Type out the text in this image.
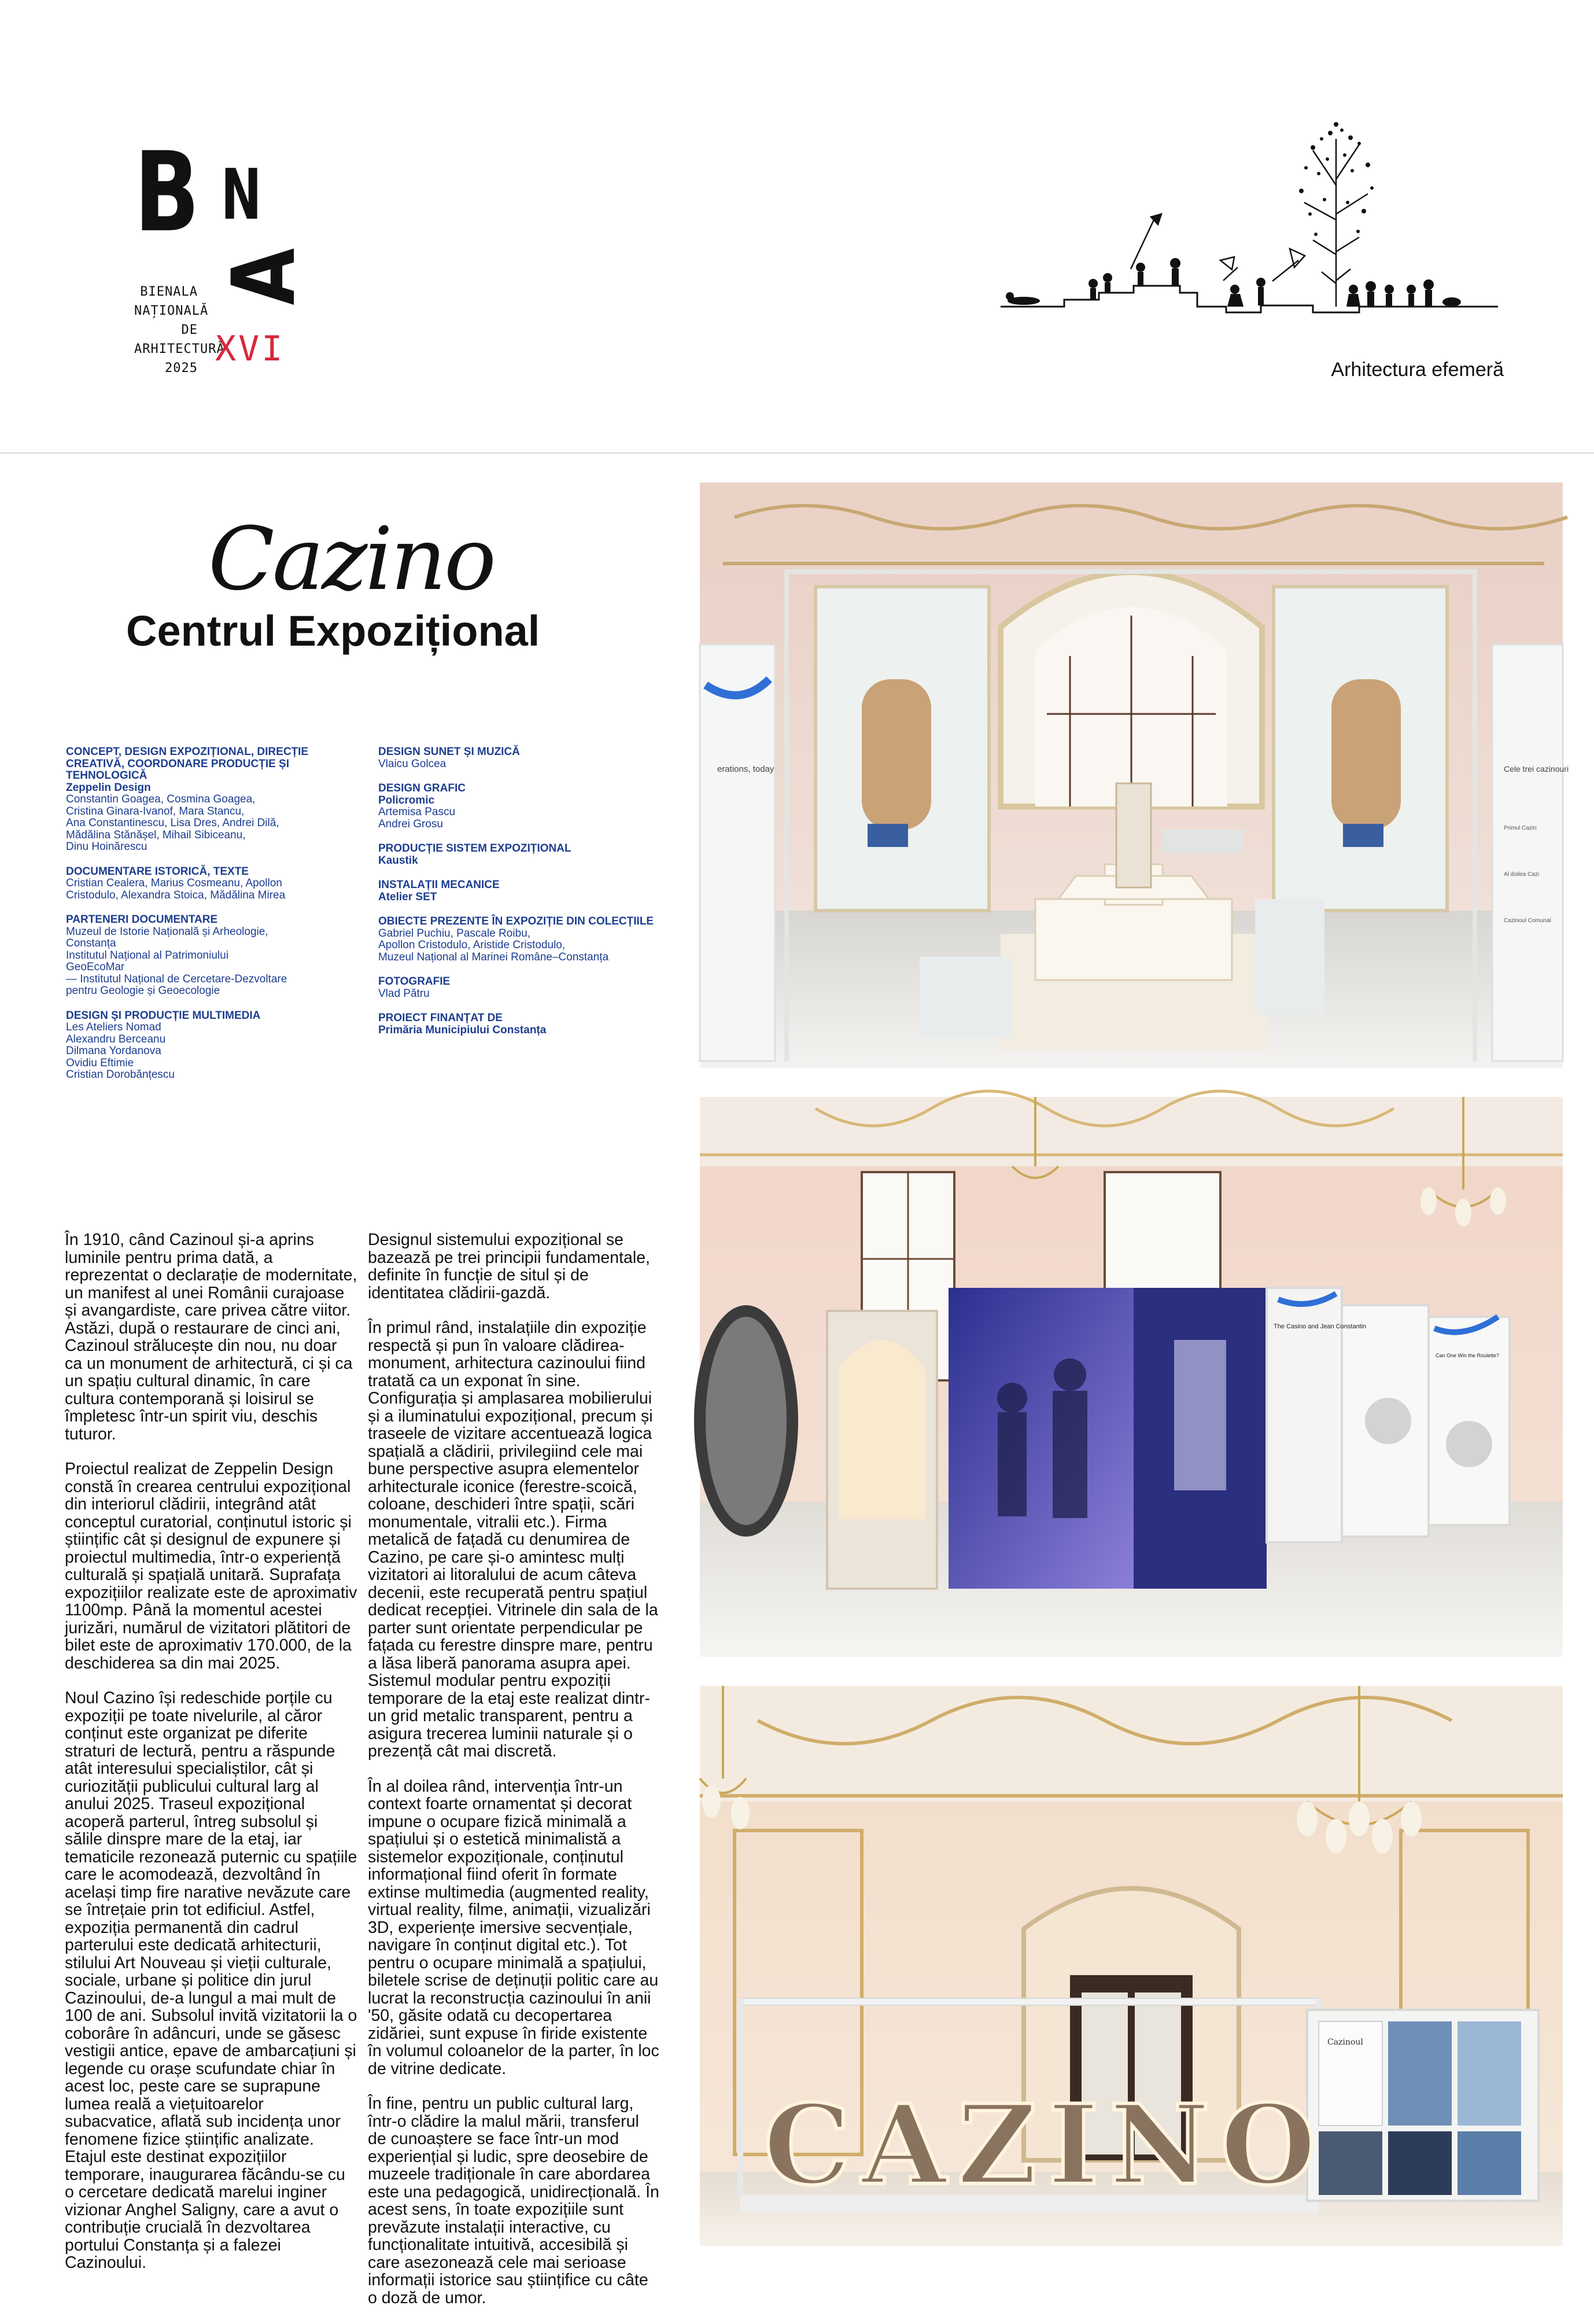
B N
A
BIENALA
NAȚIONALĂ
DE
ARHITECTURĂ
2025 XVI
Arhitectura efemeră
Cazino
Centrul Expozițional
CONCEPT, DESIGN EXPOZIȚIONAL, DIRECȚIE CREATIVĂ, COORDONARE PRODUCȚIE ȘI TEHNOLOGICĂ
Zeppelin Design
Constantin Goagea, Cosmina Goagea,
Cristina Ginara-Ivanof, Mara Stancu,
Ana Constantinescu, Lisa Dres, Andrei Dilă,
Mădălina Stănășel, Mihail Sibiceanu,
Dinu Hoinărescu
DOCUMENTARE ISTORICĂ, TEXTE
Cristian Cealera, Marius Cosmeanu, Apollon
Cristodulo, Alexandra Stoica, Mădălina Mirea
PARTENERI DOCUMENTARE
Muzeul de Istorie Națională și Arheologie,
Constanța
Institutul Național al Patrimoniului
GeoEcoMar
— Institutul Național de Cercetare-Dezvoltare
pentru Geologie și Geoecologie
DESIGN ȘI PRODUCȚIE MULTIMEDIA
Les Ateliers Nomad
Alexandru Berceanu
Dilmana Yordanova
Ovidiu Eftimie
Cristian Dorobănțescu
DESIGN SUNET ȘI MUZICĂ
Vlaicu Golcea
DESIGN GRAFIC
Policromic
Artemisa Pascu
Andrei Grosu
PRODUCȚIE SISTEM EXPOZIȚIONAL
Kaustik
INSTALAȚII MECANICE
Atelier SET
OBIECTE PREZENTE ÎN EXPOZIȚIE DIN COLECȚIILE
Gabriel Puchiu, Pascale Roibu,
Apollon Cristodulo, Aristide Cristodulo,
Muzeul Național al Marinei Române–Constanța
FOTOGRAFIE
Vlad Pătru
PROIECT FINANȚAT DE
Primăria Municipiului Constanța

În 1910, când Cazinoul și-a aprins luminile pentru prima dată, a reprezentat o declarație de modernitate, un manifest al unei Românii curajoase și avangardiste, care privea către viitor. Astăzi, după o restaurare de cinci ani, Cazinoul strălucește din nou, nu doar ca un monument de arhitectură, ci și ca un spațiu cultural dinamic, în care cultura contemporană și loisirul se împletesc într-un spirit viu, deschis tuturor.

Proiectul realizat de Zeppelin Design constă în crearea centrului expozițional din interiorul clădirii, integrând atât conceptul curatorial, conținutul istoric și științific cât și designul de expunere și proiectul multimedia, într-o experiență culturală și spațială unitară. Suprafața expozițiilor realizate este de aproximativ 1100mp. Până la momentul acestei jurizări, numărul de vizitatori plătitori de bilet este de aproximativ 170.000, de la deschiderea sa din mai 2025.

Noul Cazino își redeschide porțile cu expoziții pe toate nivelurile, al căror conținut este organizat pe diferite straturi de lectură, pentru a răspunde atât interesului specialiștilor, cât și curiozității publicului cultural larg al anului 2025. Traseul expozițional acoperă parterul, întreg subsolul și sălile dinspre mare de la etaj, iar tematicile rezonează puternic cu spațiile care le acomodează, dezvoltând în același timp fire narative nevăzute care se întrețaie prin tot edificiul. Astfel, expoziția permanentă din cadrul parterului este dedicată arhitecturii, stilului Art Nouveau și vieții culturale, sociale, urbane și politice din jurul Cazinoului, de-a lungul a mai mult de 100 de ani. Subsolul invită vizitatorii la o coborâre în adâncuri, unde se găsesc vestigii antice, epave de ambarcațiuni și legende cu orașe scufundate chiar în acest loc, peste care se suprapune lumea reală a viețuitoarelor subacvatice, aflată sub incidența unor fenomene fizice științific analizate. Etajul este destinat expozițiilor temporare, inaugurarea făcându-se cu o cercetare dedicată marelui inginer vizionar Anghel Saligny, care a avut o contribuție crucială în dezvoltarea portului Constanța și a falezei Cazinoului.

Designul sistemului expozițional se bazează pe trei principii fundamentale, definite în funcție de situl și de identitatea clădirii-gazdă.

În primul rând, instalațiile din expoziție respectă și pun în valoare clădirea-monument, arhitectura cazinoului fiind tratată ca un exponat în sine. Configurația și amplasarea mobilierului și a iluminatului expozițional, precum și traseele de vizitare accentuează logica spațială a clădirii, privilegiind cele mai bune perspective asupra elementelor arhitecturale iconice (ferestre-scoică, coloane, deschideri între spații, scări monumentale, vitralii etc.). Firma metalică de fațadă cu denumirea de Cazino, pe care și-o amintesc mulți vizitatori ai litoralului de acum câteva decenii, este recuperată pentru spațiul dedicat recepției. Vitrinele din sala de la parter sunt orientate perpendicular pe fațada cu ferestre dinspre mare, pentru a lăsa liberă panorama asupra apei. Sistemul modular pentru expoziții temporare de la etaj este realizat dintr-un grid metalic transparent, pentru a asigura trecerea luminii naturale și o prezență cât mai discretă.

În al doilea rând, intervenția într-un context foarte ornamentat și decorat impune o ocupare fizică minimală a spațiului și o estetică minimalistă a sistemelor expoziționale, conținutul informațional fiind oferit în formate extinse multimedia (augmented reality, virtual reality, filme, animații, vizualizări 3D, experiențe imersive secvențiale, navigare în conținut digital etc.). Tot pentru o ocupare minimală a spațiului, biletele scrise de deținuții politic care au lucrat la reconstrucția cazinoului în anii '50, găsite odată cu decopertarea zidăriei, sunt expuse în firide existente în volumul coloanelor de la parter, în loc de vitrine dedicate.

În fine, pentru un public cultural larg, într-o clădire la malul mării, transferul de cunoaștere se face într-un mod experiențial și ludic, spre deosebire de muzeele tradiționale în care abordarea este una pedagogică, unidirecțională. În acest sens, în toate expozițiile sunt prevăzute instalații interactive, cu funcționalitate intuitivă, accesibilă și care asezonează cele mai serioase informații istorice sau științifice cu câte o doză de umor.

erations, today	Cele trei cazinouri
Primul Cazin
Al doilea Cazi
Cazinoul Comunal
The Casino and Jean Constantin
Can One Win the Roulette?
CAZINO
Cazinoul
